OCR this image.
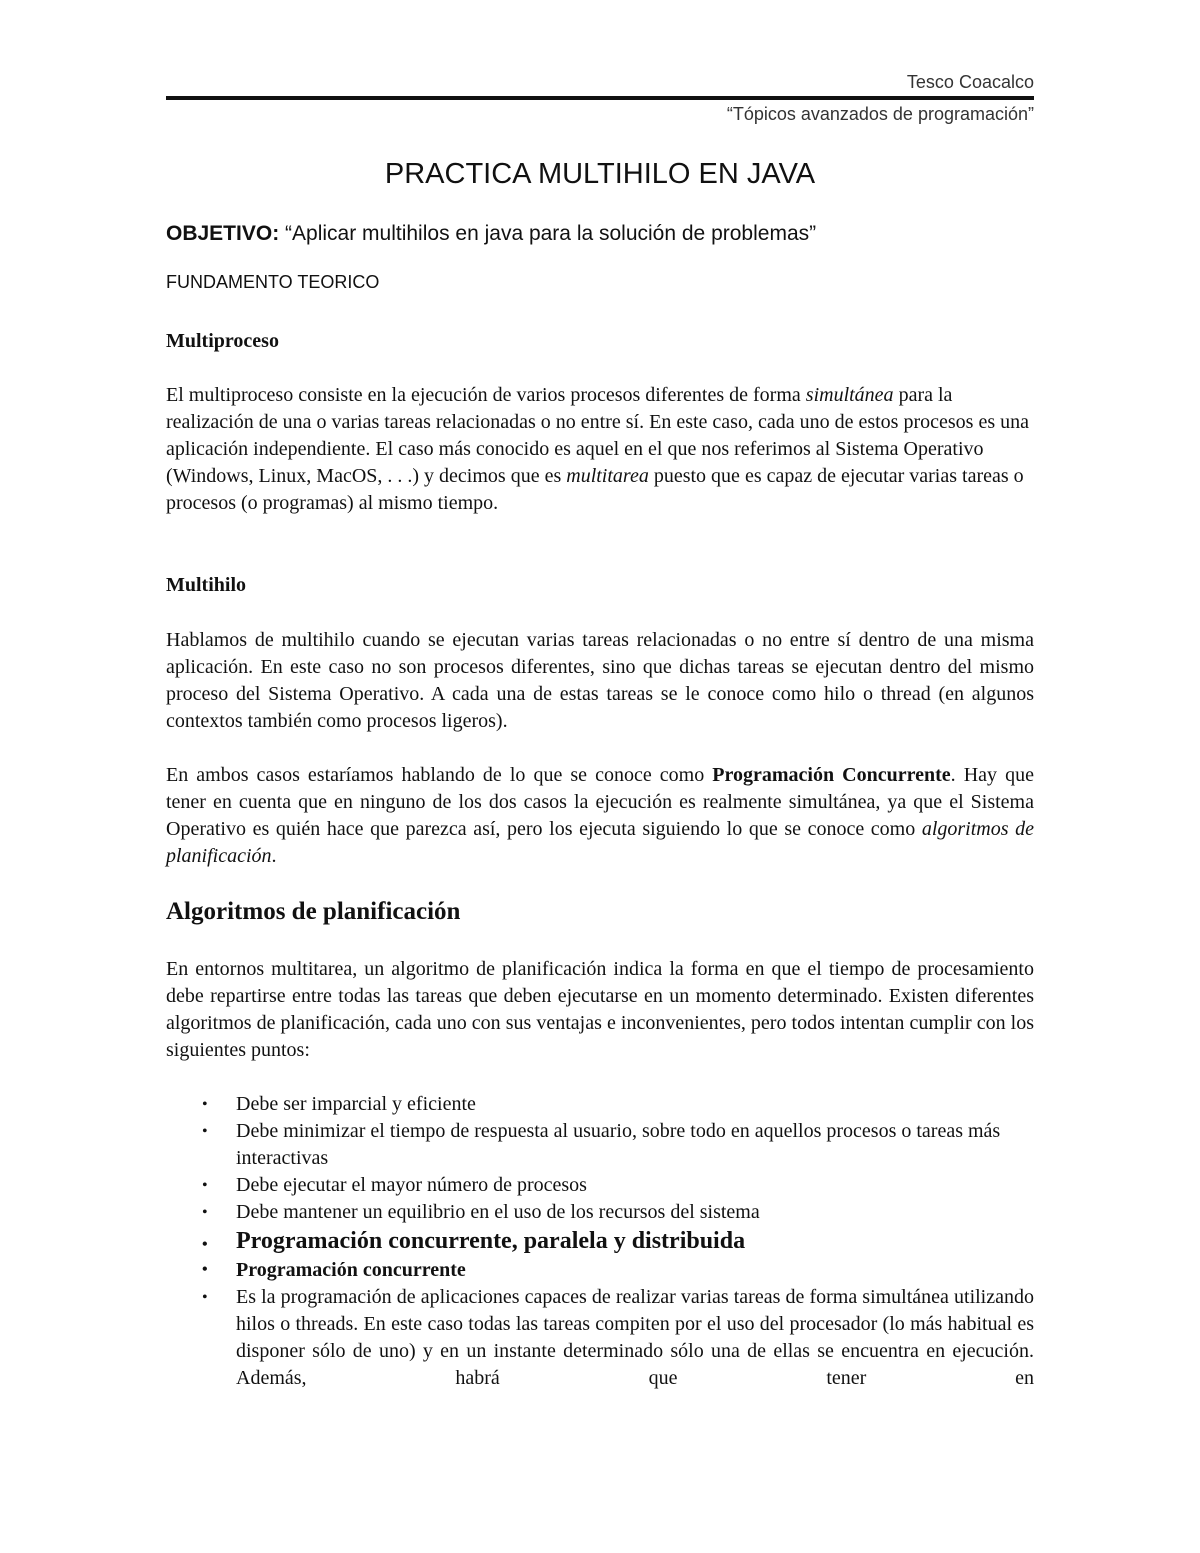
Tesco Coacalco
“Tópicos avanzados de programación”
PRACTICA MULTIHILO EN JAVA
OBJETIVO: “Aplicar multihilos en java para la solución de problemas”
FUNDAMENTO TEORICO
Multiproceso

El multiproceso consiste en la ejecución de varios procesos diferentes de forma simultánea para la realización de una o varias tareas relacionadas o no entre sí. En este caso, cada uno de estos procesos es una aplicación independiente. El caso más conocido es aquel en el que nos referimos al Sistema Operativo (Windows, Linux, MacOS, . . .) y decimos que es multitarea puesto que es capaz de ejecutar varias tareas o procesos (o programas) al mismo tiempo.

Multihilo

Hablamos de multihilo cuando se ejecutan varias tareas relacionadas o no entre sí dentro de una misma aplicación. En este caso no son procesos diferentes, sino que dichas tareas se ejecutan dentro del mismo proceso del Sistema Operativo. A cada una de estas tareas se le conoce como hilo o thread (en algunos contextos también como procesos ligeros).

En ambos casos estaríamos hablando de lo que se conoce como Programación Concurrente. Hay que tener en cuenta que en ninguno de los dos casos la ejecución es realmente simultánea, ya que el Sistema Operativo es quién hace que parezca así, pero los ejecuta siguiendo lo que se conoce como algoritmos de planificación.

Algoritmos de planificación

En entornos multitarea, un algoritmo de planificación indica la forma en que el tiempo de procesamiento debe repartirse entre todas las tareas que deben ejecutarse en un momento determinado. Existen diferentes algoritmos de planificación, cada uno con sus ventajas e inconvenientes, pero todos intentan cumplir con los siguientes puntos:

• Debe ser imparcial y eficiente
• Debe minimizar el tiempo de respuesta al usuario, sobre todo en aquellos procesos o tareas más interactivas
• Debe ejecutar el mayor número de procesos
• Debe mantener un equilibrio en el uso de los recursos del sistema
• Programación concurrente, paralela y distribuida
• Programación concurrente
• Es la programación de aplicaciones capaces de realizar varias tareas de forma simultánea utilizando hilos o threads. En este caso todas las tareas compiten por el uso del procesador (lo más habitual es disponer sólo de uno) y en un instante determinado sólo una de ellas se encuentra en ejecución. Además, habrá que tener en
